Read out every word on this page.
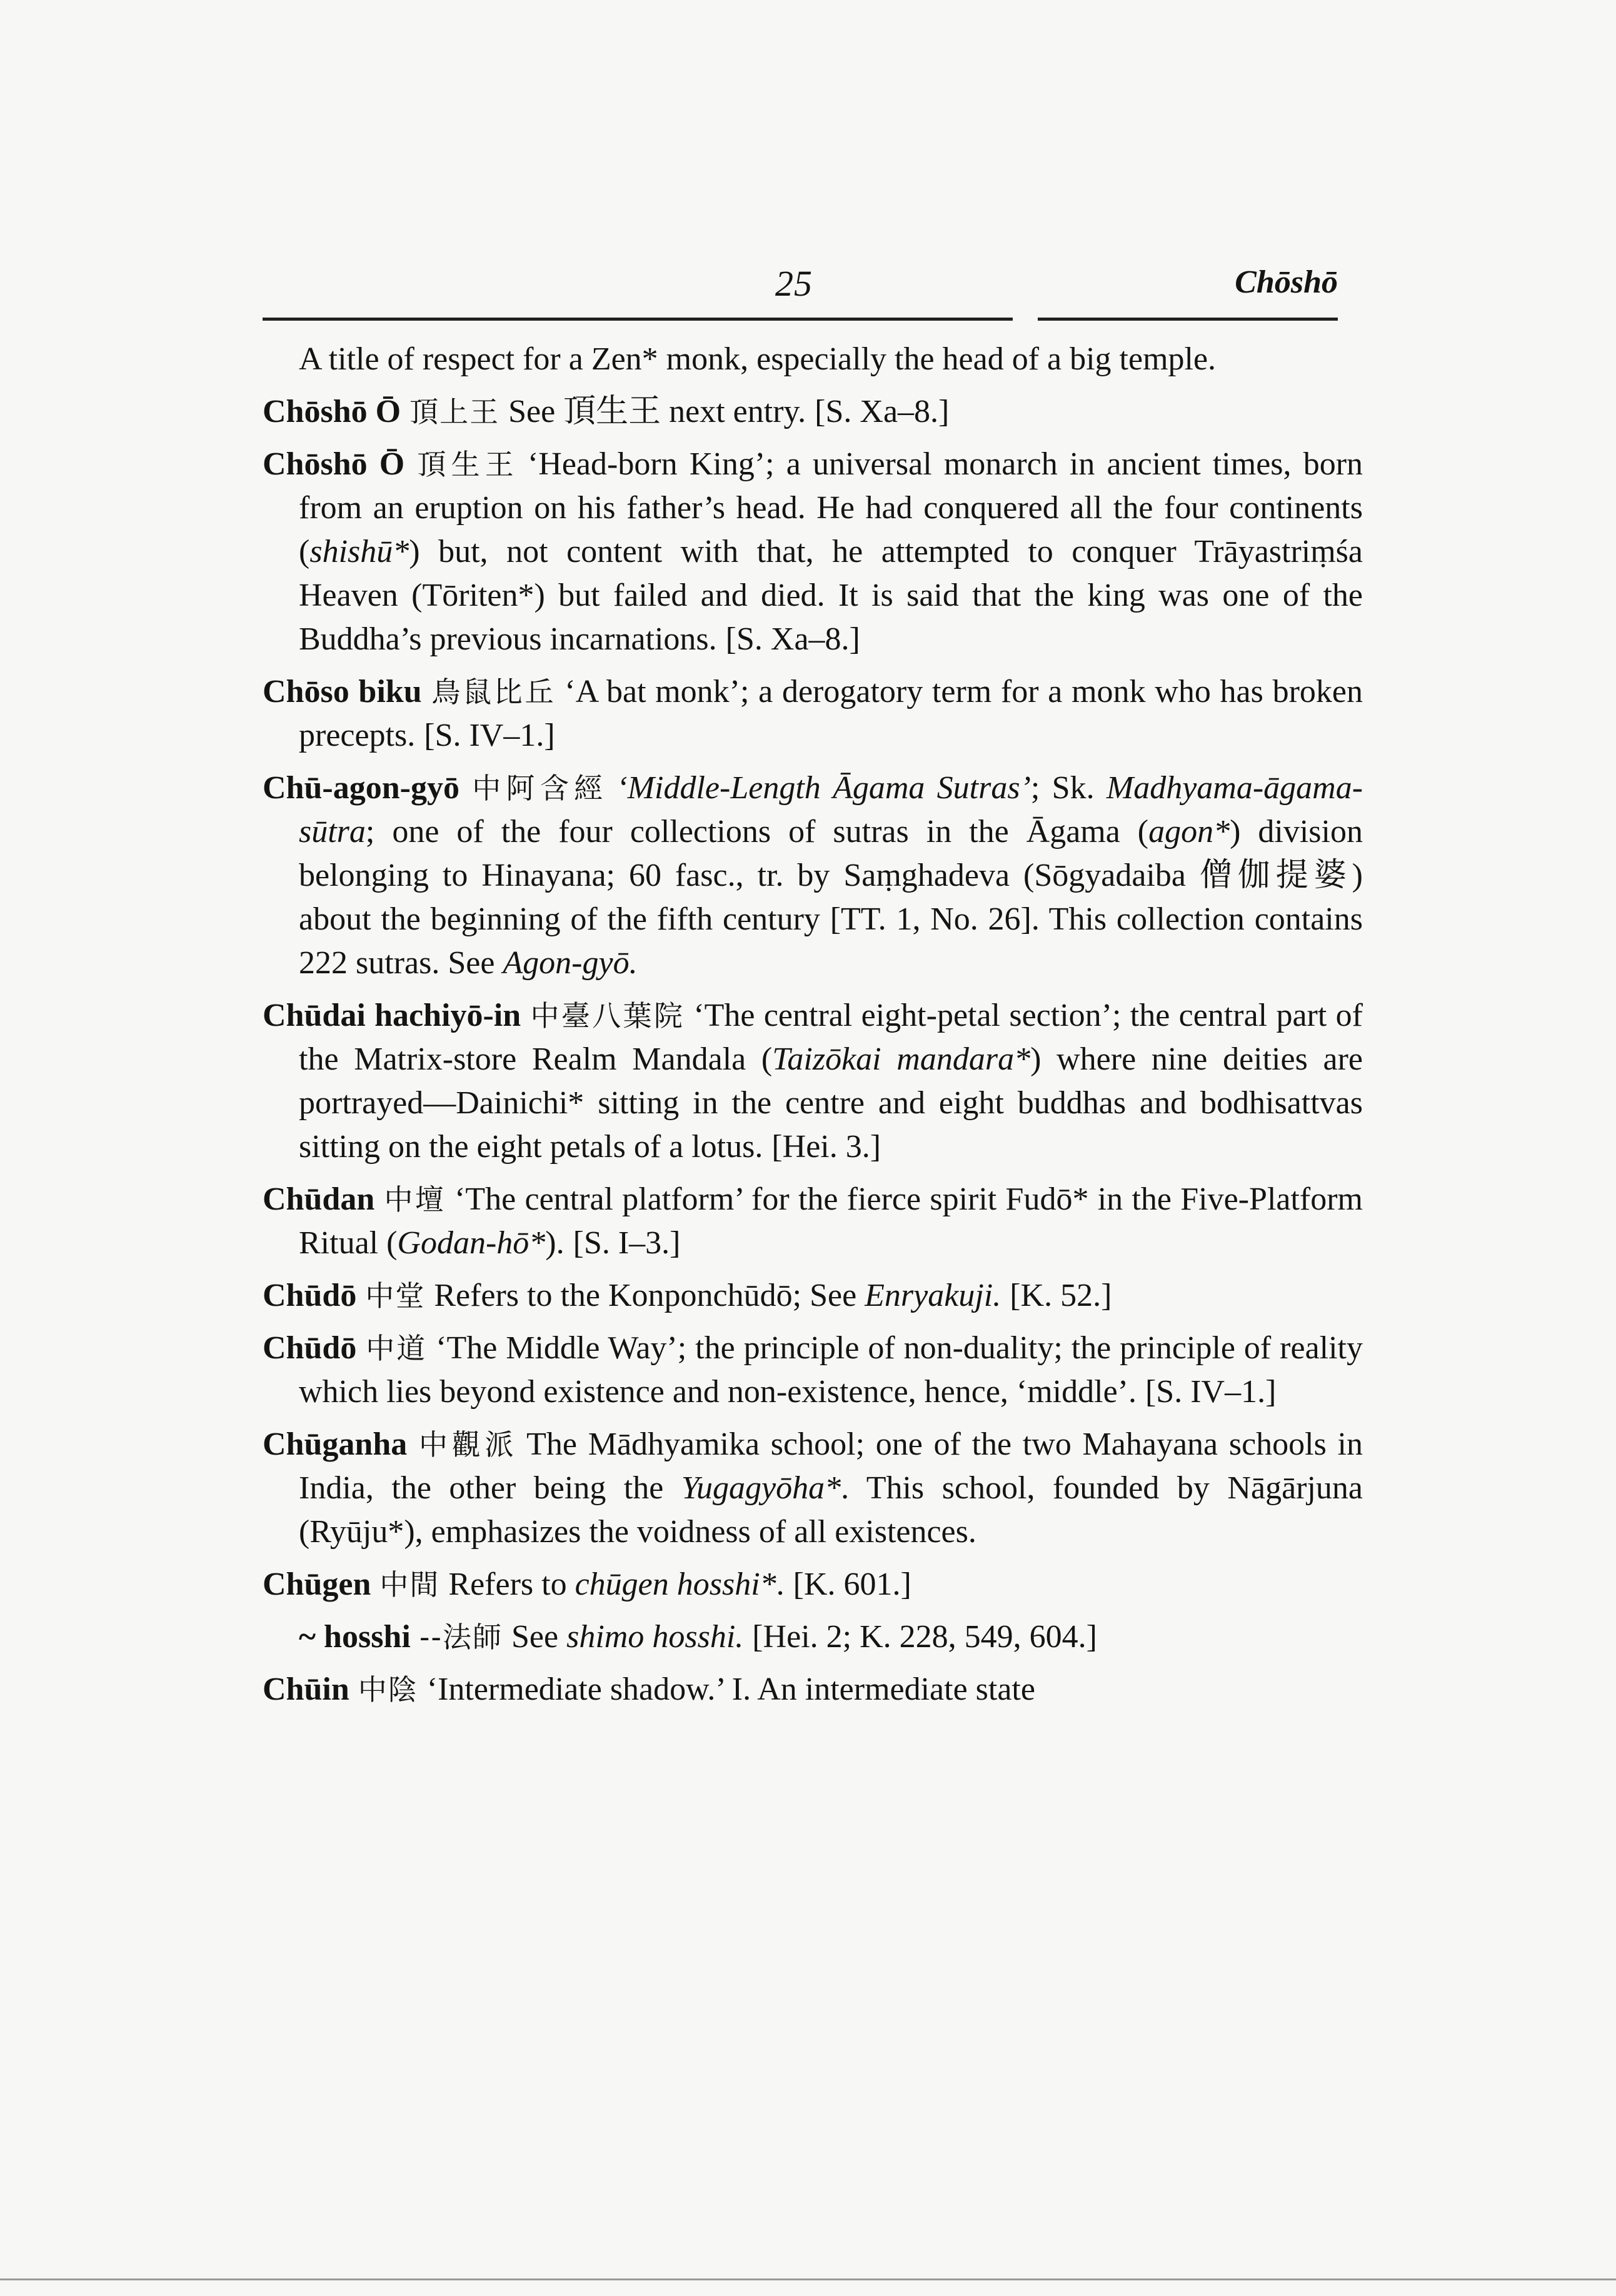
25	Chōshō

A title of respect for a Zen* monk, especially the head of a big temple.

Chōshō Ō 頂上王 See 頂生王 next entry. [S. Xa–8.]

Chōshō Ō 頂生王 ‘Head-born King’; a universal monarch in ancient times, born from an eruption on his father’s head. He had conquered all the four continents (shishū*) but, not content with that, he attempted to conquer Trāyastriṃśa Heaven (Tōriten*) but failed and died. It is said that the king was one of the Buddha’s previous incarnations. [S. Xa–8.]

Chōso biku 鳥鼠比丘 ‘A bat monk’; a derogatory term for a monk who has broken precepts. [S. IV–1.]

Chū-agon-gyō 中阿含經 ‘Middle-Length Āgama Sutras’; Sk. Madhyama-āgama-sūtra; one of the four collections of sutras in the Āgama (agon*) division belonging to Hinayana; 60 fasc., tr. by Saṃghadeva (Sōgyadaiba 僧伽提婆) about the beginning of the fifth century [TT. 1, No. 26]. This collection contains 222 sutras. See Agon-gyō.

Chūdai hachiyō-in 中臺八葉院 ‘The central eight-petal section’; the central part of the Matrix-store Realm Mandala (Taizōkai mandara*) where nine deities are portrayed—Dainichi* sitting in the centre and eight buddhas and bodhisattvas sitting on the eight petals of a lotus. [Hei. 3.]

Chūdan 中壇 ‘The central platform’ for the fierce spirit Fudō* in the Five-Platform Ritual (Godan-hō*). [S. I–3.]

Chūdō 中堂 Refers to the Konponchūdō; See Enryakuji. [K. 52.]

Chūdō 中道 ‘The Middle Way’; the principle of non-duality; the principle of reality which lies beyond existence and non-existence, hence, ‘middle’. [S. IV–1.]

Chūganha 中觀派 The Mādhyamika school; one of the two Mahayana schools in India, the other being the Yugagyōha*. This school, founded by Nāgārjuna (Ryūju*), emphasizes the voidness of all existences.

Chūgen 中間 Refers to chūgen hosshi*. [K. 601.]

~ hosshi --法師 See shimo hosshi. [Hei. 2; K. 228, 549, 604.]

Chūin 中陰 ‘Intermediate shadow.’ I. An intermediate state
